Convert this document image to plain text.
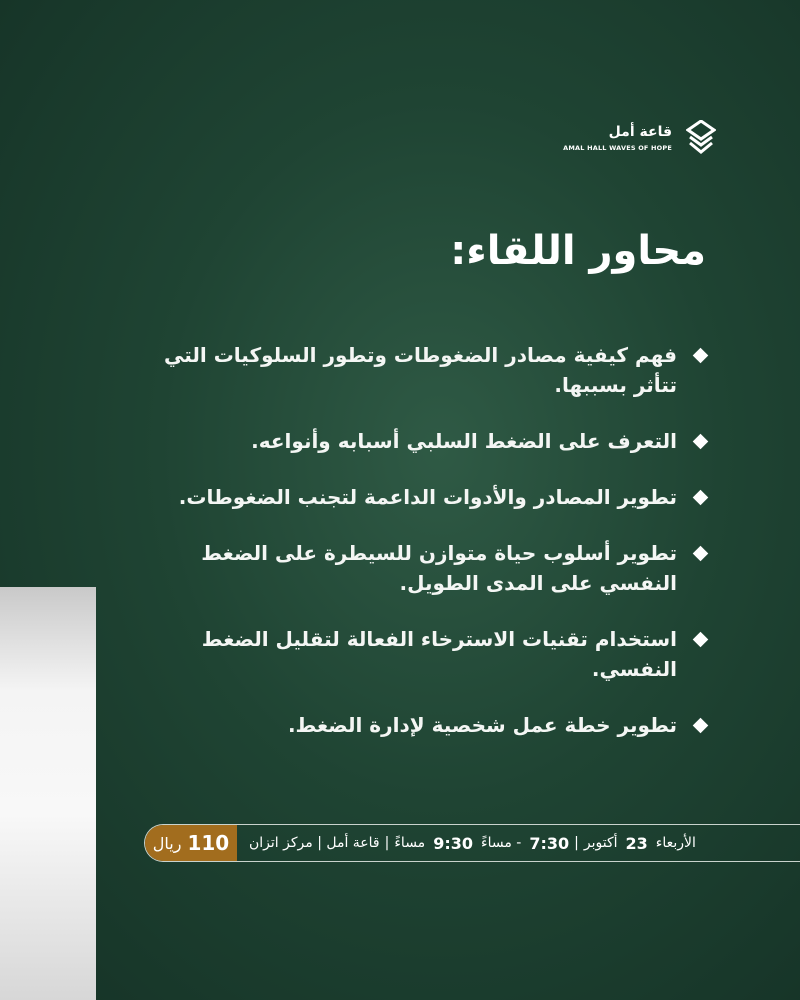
قاعة أمل
AMAL HALL WAVES OF HOPE
محاور اللقاء:
فهم كيفية مصادر الضغوطات وتطور السلوكيات التي تتأثر بسببها.
التعرف على الضغط السلبي أسبابه وأنواعه.
تطوير المصادر والأدوات الداعمة لتجنب الضغوطات.
تطوير أسلوب حياة متوازن للسيطرة على الضغط النفسي على المدى الطويل.
استخدام تقنيات الاسترخاء الفعالة لتقليل الضغط النفسي.
تطوير خطة عمل شخصية لإدارة الضغط.
110
ريال	الأربعاء
23
أكتوبر
|
7:30
مساءً -
9:30
مساءً
|
قاعة أمل | مركز اتزان
